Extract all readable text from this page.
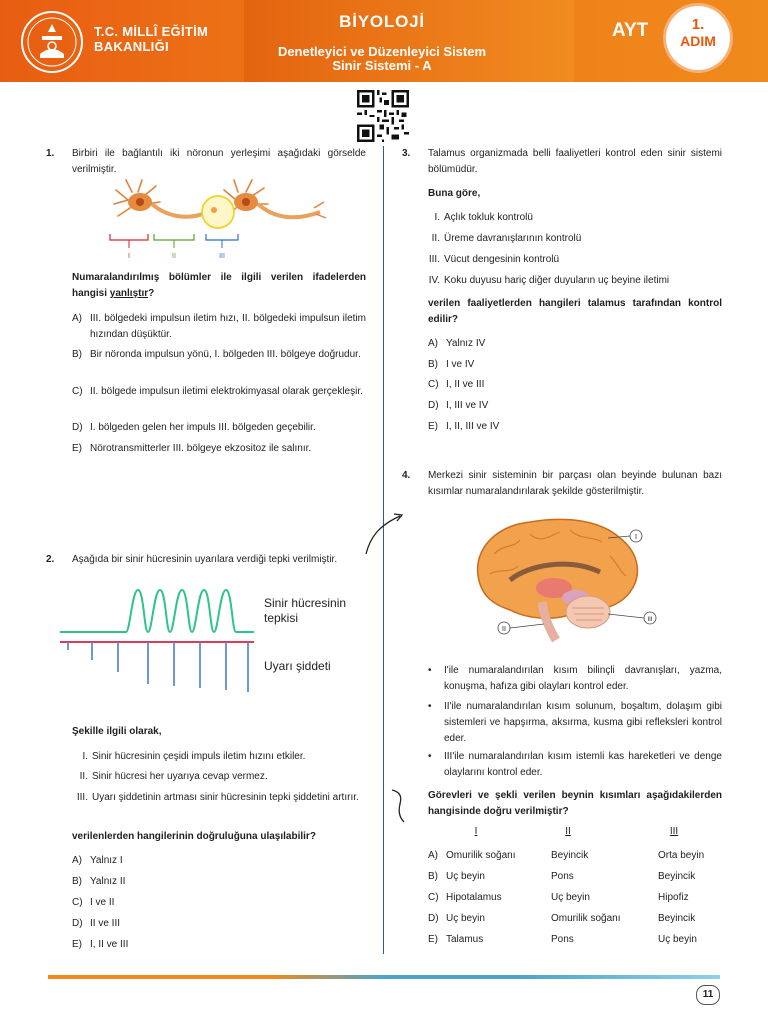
T.C. MİLLÎ EĞİTİM
BAKANLIĞI
BİYOLOJİ
Denetleyici ve Düzenleyici Sistem
Sinir Sistemi - A
AYT	1.
ADIM
1. Birbiri ile bağlantılı iki nöronun yerleşimi aşağıdaki görselde verilmiştir.
I	II	III
Numaralandırılmış bölümler ile ilgili verilen ifadelerden hangisi yanlıştır?
A) III. bölgedeki impulsun iletim hızı, II. bölgedeki impulsun iletim hızından düşüktür.
B) Bir nöronda impulsun yönü, I. bölgeden III. bölgeye doğrudur.
C) II. bölgede impulsun iletimi elektrokimyasal olarak gerçekleşir.
D) I. bölgeden gelen her impuls III. bölgeden geçebilir.
E) Nörotransmitterler III. bölgeye ekzositoz ile salınır.
2. Aşağıda bir sinir hücresinin uyarılara verdiği tepki verilmiştir.
Sinir hücresinin
tepkisi
Uyarı şiddeti
Şekille ilgili olarak,
I. Sinir hücresinin çeşidi impuls iletim hızını etkiler.
II. Sinir hücresi her uyarıya cevap vermez.
III. Uyarı şiddetinin artması sinir hücresinin tepki şiddetini artırır.
verilenlerden hangilerinin doğruluğuna ulaşılabilir?
A) Yalnız I
B) Yalnız II
C) I ve II
D) II ve III
E) I, II ve III
3. Talamus organizmada belli faaliyetleri kontrol eden sinir sistemi bölümüdür.
Buna göre,
I. Açlık tokluk kontrolü
II. Üreme davranışlarının kontrolü
III. Vücut dengesinin kontrolü
IV. Koku duyusu hariç diğer duyuların uç beyine iletimi
verilen faaliyetlerden hangileri talamus tarafından kontrol edilir?
A) Yalnız IV
B) I ve IV
C) I, II ve III
D) I, III ve IV
E) I, II, III ve IV
4. Merkezi sinir sisteminin bir parçası olan beyinde bulunan bazı kısımlar numaralandırılarak şekilde gösterilmiştir.
I
II
III
•	I'ile numaralandırılan kısım bilinçli davranışları, yazma, konuşma, hafıza gibi olayları kontrol eder.
•	II'ile numaralandırılan kısım solunum, boşaltım, dolaşım gibi sistemleri ve hapşırma, aksırma, kusma gibi refleksleri kontrol eder.
•	III'ile numaralandırılan kısım istemli kas hareketleri ve denge olaylarını kontrol eder.
Görevleri ve şekli verilen beynin kısımları aşağıdakilerden hangisinde doğru verilmiştir?
I	II	III
A) Omurilik soğanı	Beyincik	Orta beyin
B) Uç beyin	Pons	Beyincik
C) Hipotalamus	Uç beyin	Hipofiz
D) Uç beyin	Omurilik soğanı	Beyincik
E) Talamus	Pons	Uç beyin
11
